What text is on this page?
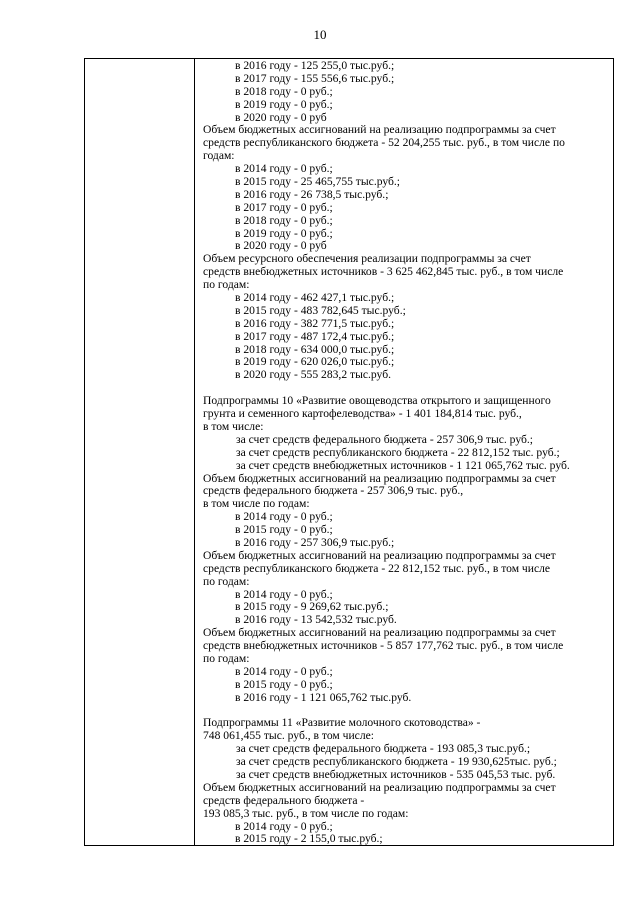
10
в 2016 году - 125 255,0 тыс.руб.;
в 2017 году - 155 556,6 тыс.руб.;
в 2018 году - 0 руб.;
в 2019 году - 0 руб.;
в 2020 году - 0 руб
Объем бюджетных ассигнований на реализацию подпрограммы за счет
средств республиканского бюджета - 52 204,255 тыс. руб., в том числе по
годам:
в 2014 году - 0 руб.;
в 2015 году - 25 465,755 тыс.руб.;
в 2016 году - 26 738,5 тыс.руб.;
в 2017 году - 0 руб.;
в 2018 году - 0 руб.;
в 2019 году - 0 руб.;
в 2020 году - 0 руб
Объем ресурсного обеспечения реализации подпрограммы за счет
средств внебюджетных источников - 3 625 462,845 тыс. руб., в том числе
по годам:
в 2014 году - 462 427,1 тыс.руб.;
в 2015 году - 483 782,645 тыс.руб.;
в 2016 году - 382 771,5 тыс.руб.;
в 2017 году - 487 172,4 тыс.руб.;
в 2018 году - 634 000,0 тыс.руб.;
в 2019 году - 620 026,0 тыс.руб.;
в 2020 году - 555 283,2 тыс.руб.
Подпрограммы 10 «Развитие овощеводства открытого и защищенного
грунта и семенного картофелеводства» - 1 401 184,814 тыс. руб.,
в том числе:
за счет средств федерального бюджета - 257 306,9 тыс. руб.;
за счет средств республиканского бюджета - 22 812,152 тыс. руб.;
за счет средств внебюджетных источников - 1 121 065,762 тыс. руб.
Объем бюджетных ассигнований на реализацию подпрограммы за счет
средств федерального бюджета - 257 306,9 тыс. руб.,
в том числе по годам:
в 2014 году - 0 руб.;
в 2015 году - 0 руб.;
в 2016 году - 257 306,9 тыс.руб.;
Объем бюджетных ассигнований на реализацию подпрограммы за счет
средств республиканского бюджета - 22 812,152 тыс. руб., в том числе
по годам:
в 2014 году - 0 руб.;
в 2015 году - 9 269,62 тыс.руб.;
в 2016 году - 13 542,532 тыс.руб.
Объем бюджетных ассигнований на реализацию подпрограммы за счет
средств внебюджетных источников - 5 857 177,762 тыс. руб., в том числе
по годам:
в 2014 году - 0 руб.;
в 2015 году - 0 руб.;
в 2016 году - 1 121 065,762 тыс.руб.
Подпрограммы 11 «Развитие молочного скотоводства» -
748 061,455 тыс. руб., в том числе:
за счет средств федерального бюджета - 193 085,3 тыс.руб.;
за счет средств республиканского бюджета - 19 930,625тыс. руб.;
за счет средств внебюджетных источников - 535 045,53 тыс. руб.
Объем бюджетных ассигнований на реализацию подпрограммы за счет
средств федерального бюджета -
193 085,3 тыс. руб., в том числе по годам:
в 2014 году - 0 руб.;
в 2015 году - 2 155,0 тыс.руб.;
